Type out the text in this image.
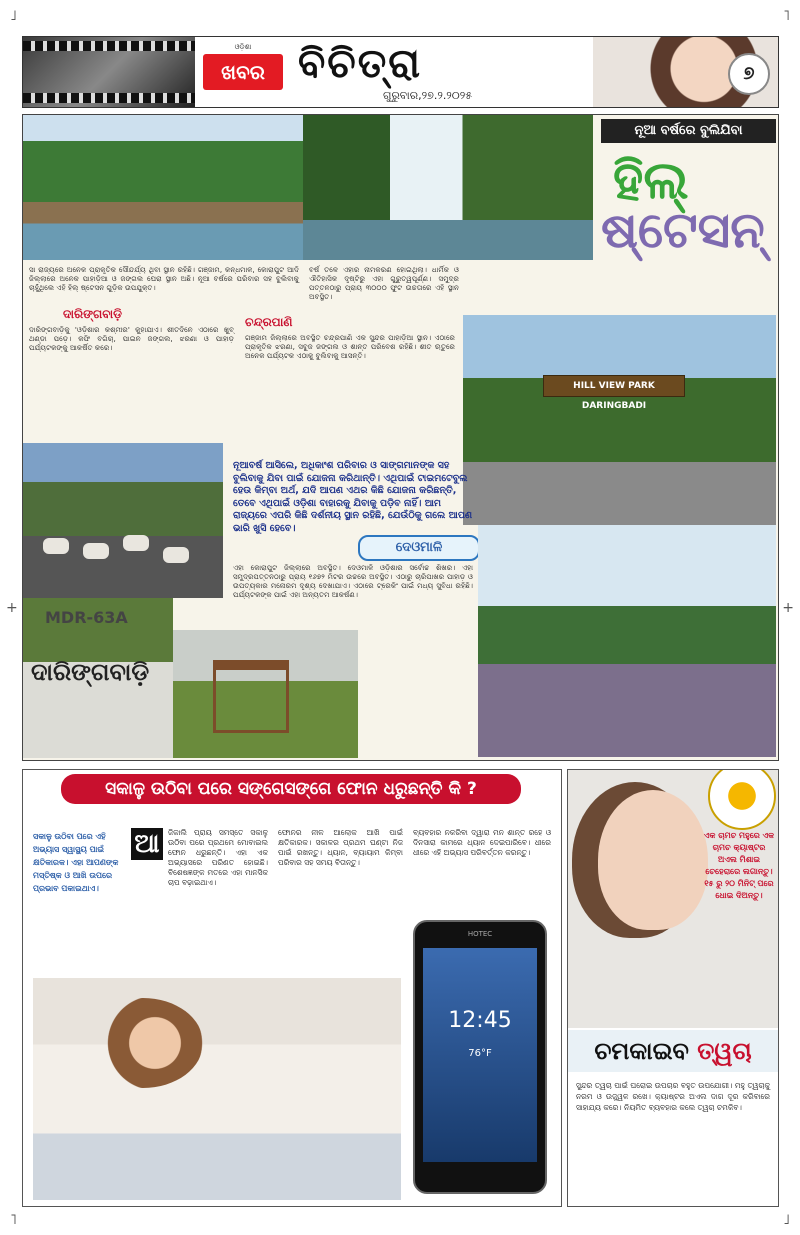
˩	˥
+	+
ଓଡ଼ିଶା
ଖବର ବିଚିତ୍ରା
ଗୁରୁବାର,୨୭.୨.୨୦୨୫
୭
ନୂଆ ବର୍ଷରେ ବୁଲିଯିବା
ହିଲ୍
ଷ୍ଟେସନ୍
ସା ରାଜ୍ୟରେ ଅନେକ ପ୍ରାକୃତିକ ସୌନ୍ଦର୍ଯ୍ୟ ଥିବା ସ୍ଥାନ ରହିଛି। ଗଞ୍ଜାମ, କନ୍ଧମାଳ, କୋରାପୁଟ ଆଦି ଜିଲ୍ଲାରେ ଅନେକ ପାହାଡ଼ିଆ ଓ ଜଙ୍ଗଲ ଘେରା ସ୍ଥାନ ଅଛି। ନୂଆ ବର୍ଷରେ ପରିବାର ସହ ବୁଲିବାକୁ ଚାହୁଁଥିଲେ ଏହି ହିଲ୍ ଷ୍ଟେସନ ଗୁଡ଼ିକ ଉପଯୁକ୍ତ।
ବର୍ଷ ତଳେ ଏହାର ନାମକରଣ ହୋଇଥିଲା। ଧାର୍ମିକ ଓ ଐତିହାସିକ ଦୃଷ୍ଟିରୁ ଏହା ଗୁରୁତ୍ୱପୂର୍ଣ୍ଣ। ସମୁଦ୍ର ପତ୍ତନଠାରୁ ପ୍ରାୟ ୩୦୦୦ ଫୁଟ ଉଚ୍ଚତାରେ ଏହି ସ୍ଥାନ ଅବସ୍ଥିତ।
ଦାରିଙ୍ଗବାଡ଼ି
ଦାରିଙ୍ଗବାଡ଼ିକୁ 'ଓଡ଼ିଶାର କଶ୍ମୀର' କୁହାଯାଏ। ଶୀତଦିନେ ଏଠାରେ ଖୁବ୍ ଥଣ୍ଡା ପଡ଼େ। କଫି ବଗିଚା, ପାଇନ ଜଙ୍ଗଲ, ଝରଣା ଓ ପାହାଡ଼ ପର୍ଯ୍ୟଟକଙ୍କୁ ଆକର୍ଷିତ କରେ।
ଚନ୍ଦ୍ରପାଣି
ଗଞ୍ଜାମ ଜିଲ୍ଲାରେ ଅବସ୍ଥିତ ଚନ୍ଦ୍ରପାଣି ଏକ ସୁନ୍ଦର ପାହାଡ଼ିଆ ସ୍ଥାନ। ଏଠାରେ ପ୍ରାକୃତିକ ଝରଣା, ସବୁଜ ଜଙ୍ଗଲ ଓ ଶାନ୍ତ ପରିବେଶ ରହିଛି। ଶୀତ ଋତୁରେ ଅନେକ ପର୍ଯ୍ୟଟକ ଏଠାକୁ ବୁଲିବାକୁ ଆସନ୍ତି।
HILL VIEW PARK DARINGBADI
ନୂଆବର୍ଷ ଆସିଲେ, ଅଧିକାଂଶ ପରିବାର ଓ ସାଙ୍ଗମାନଙ୍କ ସହ ବୁଲିବାକୁ ଯିବା ପାଇଁ ଯୋଜନା କରିଥାନ୍ତି। ଏଥିପାଇଁ ଟାଇମଟେବୁଲ ହେଉ କିମ୍ବା ଅର୍ଥ, ଯଦି ଆପଣ ଏଥର କିଛି ଯୋଜନା କରିଛନ୍ତି, ତେବେ ଏଥିପାଇଁ ଓଡ଼ିଶା ବାହାରକୁ ଯିବାକୁ ପଡ଼ିବ ନାହିଁ। ଆମ ରାଜ୍ୟରେ ଏପରି କିଛି ଦର୍ଶନୀୟ ସ୍ଥାନ ରହିଛି, ଯେଉଁଠିକୁ ଗଲେ ଆପଣ ଭାରି ଖୁସି ହେବେ।
ଦେଓମାଳି
ଏହା କୋରାପୁଟ ଜିଲ୍ଲାରେ ଅବସ୍ଥିତ। ଦେଓମାଳି ଓଡ଼ିଶାର ସର୍ବୋଚ୍ଚ ଶିଖର। ଏହା ସମୁଦ୍ରପତ୍ତନଠାରୁ ପ୍ରାୟ ୧୬୭୨ ମିଟର ଉଚ୍ଚରେ ଅବସ୍ଥିତ। ଏଠାରୁ ଚାରିପାଖର ପାହାଡ଼ ଓ ଉପତ୍ୟକାର ମନୋରମ ଦୃଶ୍ୟ ଦେଖାଯାଏ। ଏଠାରେ ଟ୍ରେକିଂ ପାଇଁ ମଧ୍ୟ ସୁବିଧା ରହିଛି। ପର୍ଯ୍ୟଟକଙ୍କ ପାଇଁ ଏହା ଅନ୍ୟତମ ଆକର୍ଷଣ।
MDR-63A
ଦାରିଙ୍ଗବାଡ଼ି
ସକାଳୁ ଉଠିବା ପରେ ସଙ୍ଗେସଙ୍ଗେ ଫୋନ ଧରୁଛନ୍ତି କି ?
ସକାଳୁ ଉଠିବା ପରେ ଏହି ଅଭ୍ୟାସ ସ୍ୱାସ୍ଥ୍ୟ ପାଇଁ କ୍ଷତିକାରକ। ଏହା ଆପଣଙ୍କ ମସ୍ତିଷ୍କ ଓ ଆଖି ଉପରେ ପ୍ରଭାବ ପକାଇଥାଏ।
ଆ	ଜିକାଲି ପ୍ରାୟ ସମସ୍ତେ ସକାଳୁ ଉଠିବା ପରେ ପ୍ରଥମେ ମୋବାଇଲ ଫୋନ ଧରୁଛନ୍ତି। ଏହା ଏକ ଅଭ୍ୟାସରେ ପରିଣତ ହୋଇଛି। ବିଶେଷଜ୍ଞଙ୍କ ମତରେ ଏହା ମାନସିକ ଚାପ ବଢ଼ାଇଥାଏ।
ଫୋନର ନୀଳ ଆଲୋକ ଆଖି ପାଇଁ କ୍ଷତିକାରକ। ସକାଳର ପ୍ରଥମ ଘଣ୍ଟା ନିଜ ପାଇଁ ରଖନ୍ତୁ। ଧ୍ୟାନ, ବ୍ୟାୟାମ କିମ୍ବା ପରିବାର ସହ ସମୟ ବିତାନ୍ତୁ।
ବ୍ୟବହାର ନକରିବା ଦ୍ୱାରା ମନ ଶାନ୍ତ ରହେ ଓ ଦିନସାରା କାମରେ ଧ୍ୟାନ ଦେଇପାରିବେ। ଧୀରେ ଧୀରେ ଏହି ଅଭ୍ୟାସ ପରିବର୍ତ୍ତନ କରନ୍ତୁ।
HOTEC
12:45
76°F
ଏକ ଚାମଚ ମହୁରେ ଏକ ଚାମଚ କ୍ୟାଷ୍ଟର ଅଏଲ ମିଶାଇ ଚେହେରାରେ ଲଗାନ୍ତୁ। ୧୫ ରୁ ୨୦ ମିନିଟ୍ ପରେ ଧୋଇ ଦିଅନ୍ତୁ।
ଚମକାଇବ ତ୍ୱଚା
ସୁନ୍ଦର ତ୍ୱଚା ପାଇଁ ଘରୋଇ ଉପଚାର ବହୁତ ଉପଯୋଗୀ। ମହୁ ତ୍ୱଚାକୁ ନରମ ଓ ଉଜ୍ଜ୍ୱଳ ରଖେ। କ୍ୟାଷ୍ଟର ଅଏଲ ଦାଗ ଦୂର କରିବାରେ ସାହାଯ୍ୟ କରେ। ନିୟମିତ ବ୍ୟବହାର କଲେ ତ୍ୱଚା ଚମକିବ।
˥	˩
